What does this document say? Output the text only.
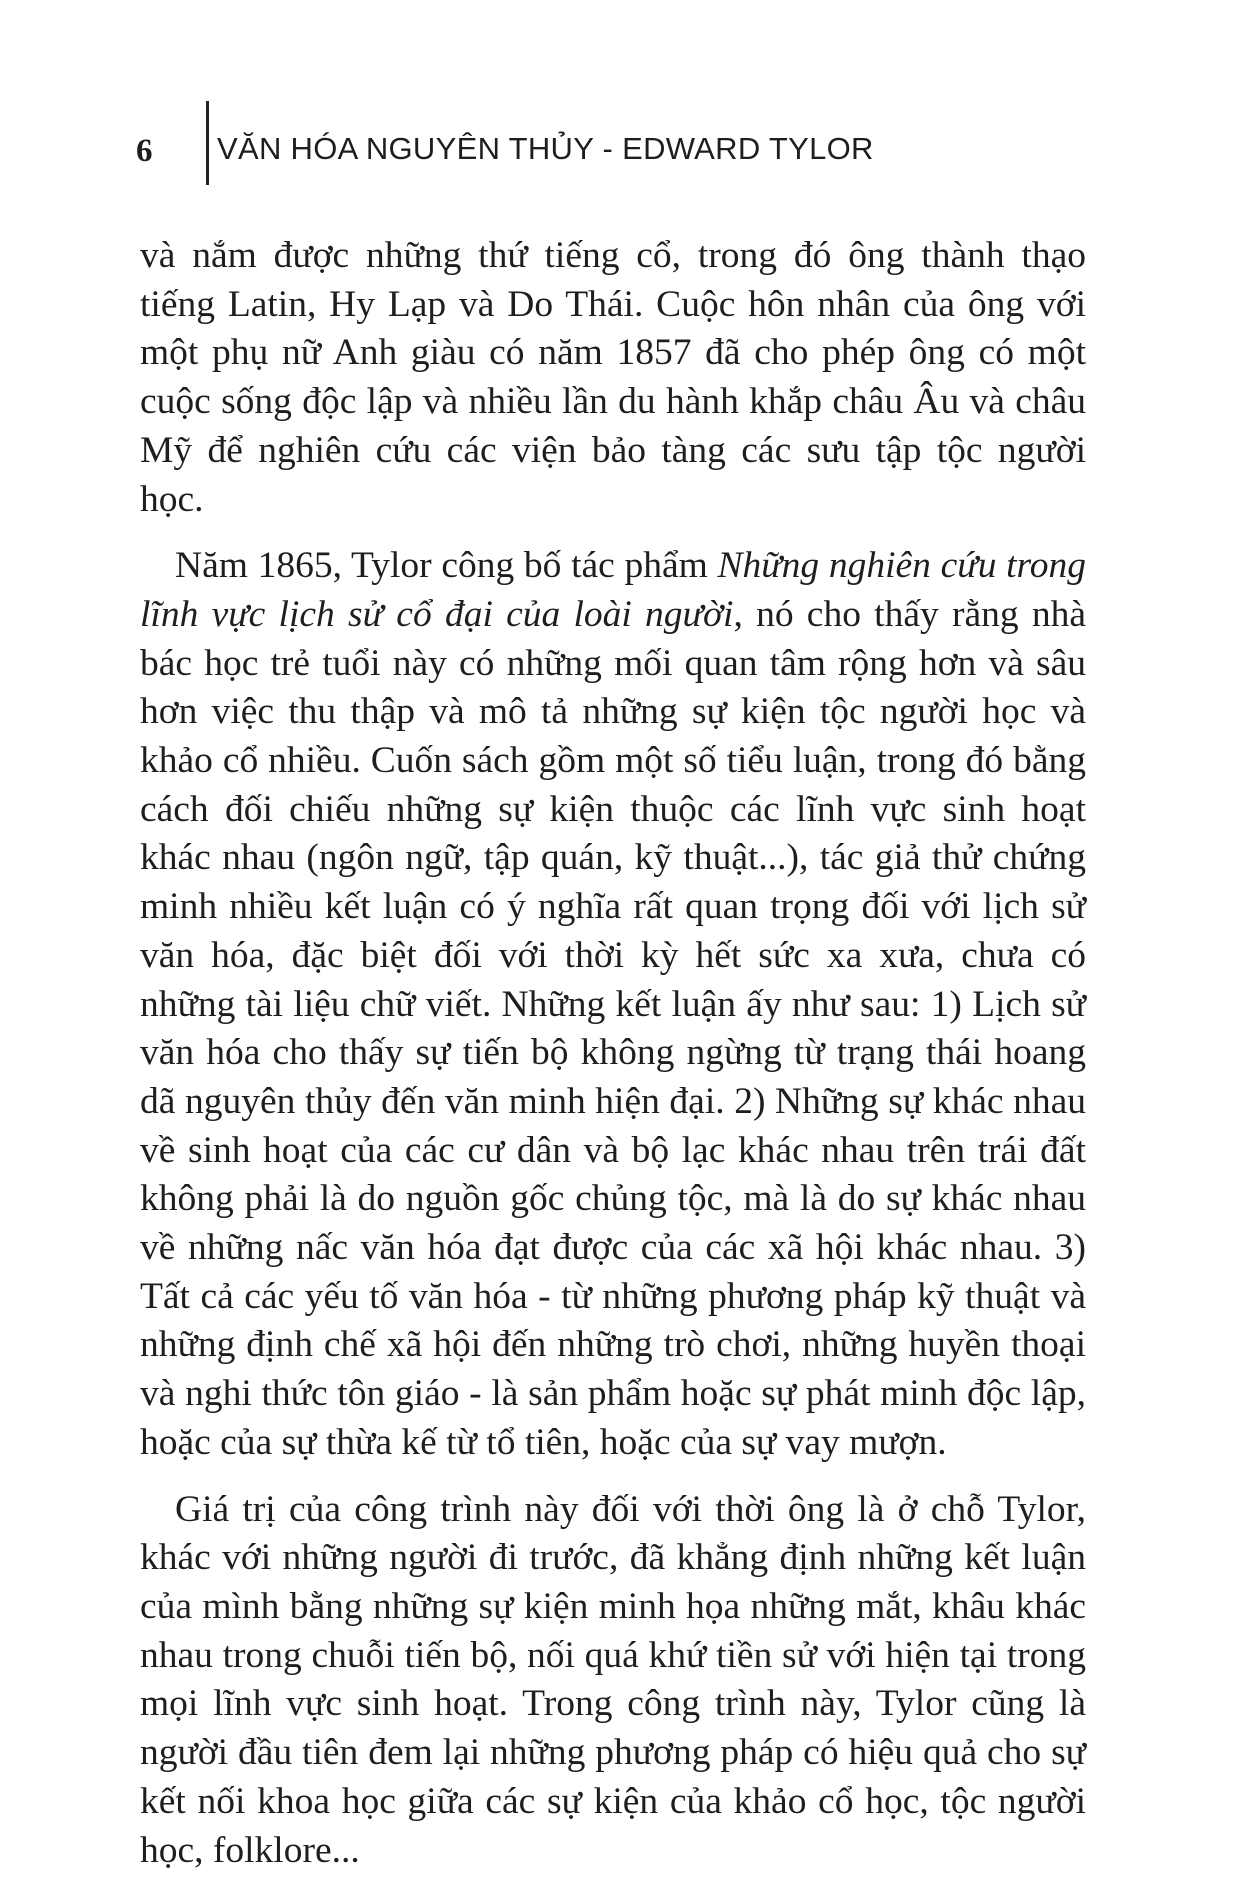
6	VĂN HÓA NGUYÊN THỦY - EDWARD TYLOR

và nắm được những thứ tiếng cổ, trong đó ông thành thạo tiếng Latin, Hy Lạp và Do Thái. Cuộc hôn nhân của ông với một phụ nữ Anh giàu có năm 1857 đã cho phép ông có một cuộc sống độc lập và nhiều lần du hành khắp châu Âu và châu Mỹ để nghiên cứu các viện bảo tàng các sưu tập tộc người học.

Năm 1865, Tylor công bố tác phẩm Những nghiên cứu trong lĩnh vực lịch sử cổ đại của loài người, nó cho thấy rằng nhà bác học trẻ tuổi này có những mối quan tâm rộng hơn và sâu hơn việc thu thập và mô tả những sự kiện tộc người học và khảo cổ nhiều. Cuốn sách gồm một số tiểu luận, trong đó bằng cách đối chiếu những sự kiện thuộc các lĩnh vực sinh hoạt khác nhau (ngôn ngữ, tập quán, kỹ thuật...), tác giả thử chứng minh nhiều kết luận có ý nghĩa rất quan trọng đối với lịch sử văn hóa, đặc biệt đối với thời kỳ hết sức xa xưa, chưa có những tài liệu chữ viết. Những kết luận ấy như sau: 1) Lịch sử văn hóa cho thấy sự tiến bộ không ngừng từ trạng thái hoang dã nguyên thủy đến văn minh hiện đại. 2) Những sự khác nhau về sinh hoạt của các cư dân và bộ lạc khác nhau trên trái đất không phải là do nguồn gốc chủng tộc, mà là do sự khác nhau về những nấc văn hóa đạt được của các xã hội khác nhau. 3) Tất cả các yếu tố văn hóa - từ những phương pháp kỹ thuật và những định chế xã hội đến những trò chơi, những huyền thoại và nghi thức tôn giáo - là sản phẩm hoặc sự phát minh độc lập, hoặc của sự thừa kế từ tổ tiên, hoặc của sự vay mượn.

Giá trị của công trình này đối với thời ông là ở chỗ Tylor, khác với những người đi trước, đã khẳng định những kết luận của mình bằng những sự kiện minh họa những mắt, khâu khác nhau trong chuỗi tiến bộ, nối quá khứ tiền sử với hiện tại trong mọi lĩnh vực sinh hoạt. Trong công trình này, Tylor cũng là người đầu tiên đem lại những phương pháp có hiệu quả cho sự kết nối khoa học giữa các sự kiện của khảo cổ học, tộc người học, folklore...
